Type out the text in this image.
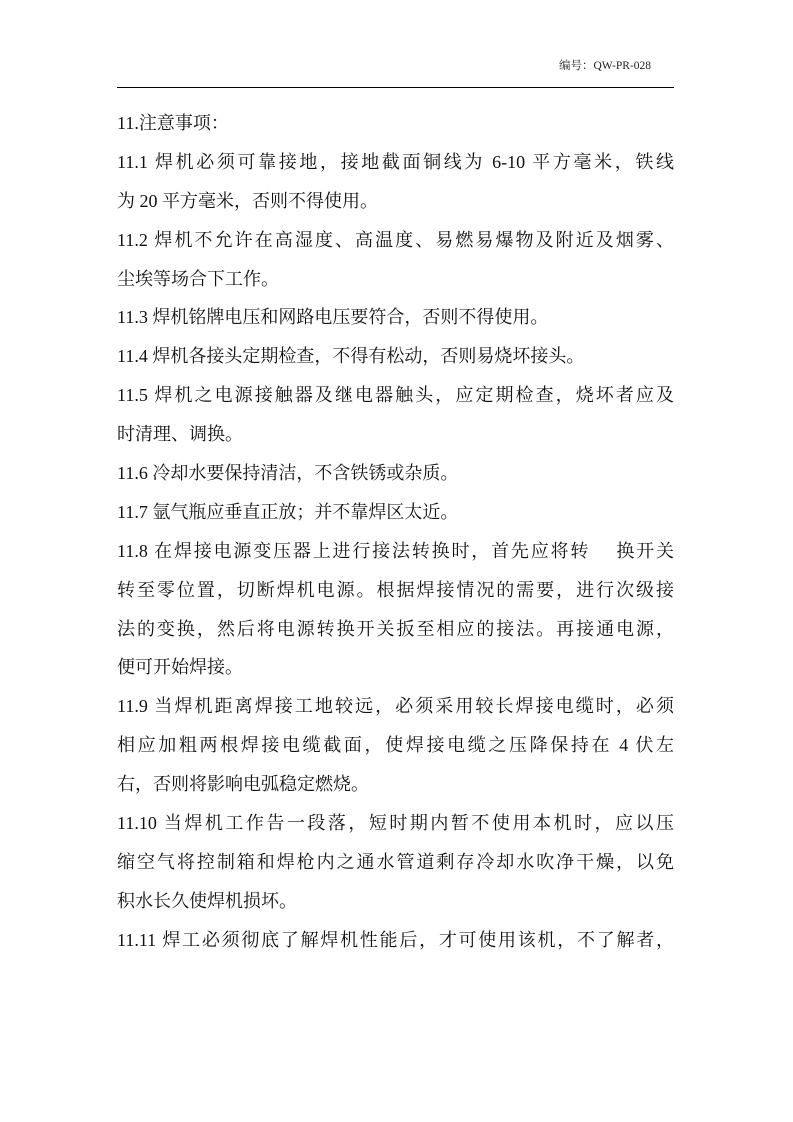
编号：QW-PR-028
11.注意事项：
11.1 焊机必须可靠接地，接地截面铜线为 6-10 平方毫米，铁线
为 20 平方毫米，否则不得使用。
11.2 焊机不允许在高湿度、高温度、易燃易爆物及附近及烟雾、
尘埃等场合下工作。
11.3 焊机铭牌电压和网路电压要符合，否则不得使用。
11.4 焊机各接头定期检查，不得有松动，否则易烧坏接头。
11.5 焊机之电源接触器及继电器触头，应定期检查，烧坏者应及
时清理、调换。
11.6 冷却水要保持清洁，不含铁锈或杂质。
11.7 氩气瓶应垂直正放；并不靠焊区太近。
11.8 在焊接电源变压器上进行接法转换时，首先应将转　 换开关
转至零位置，切断焊机电源。根据焊接情况的需要，进行次级接
法的变换，然后将电源转换开关扳至相应的接法。再接通电源，
便可开始焊接。
11.9 当焊机距离焊接工地较远，必须采用较长焊接电缆时，必须
相应加粗两根焊接电缆截面，使焊接电缆之压降保持在 4 伏左
右，否则将影响电弧稳定燃烧。
11.10 当焊机工作告一段落，短时期内暂不使用本机时，应以压
缩空气将控制箱和焊枪内之通水管道剩存冷却水吹净干燥，以免
积水长久使焊机损坏。
11.11 焊工必须彻底了解焊机性能后，才可使用该机，不了解者，
